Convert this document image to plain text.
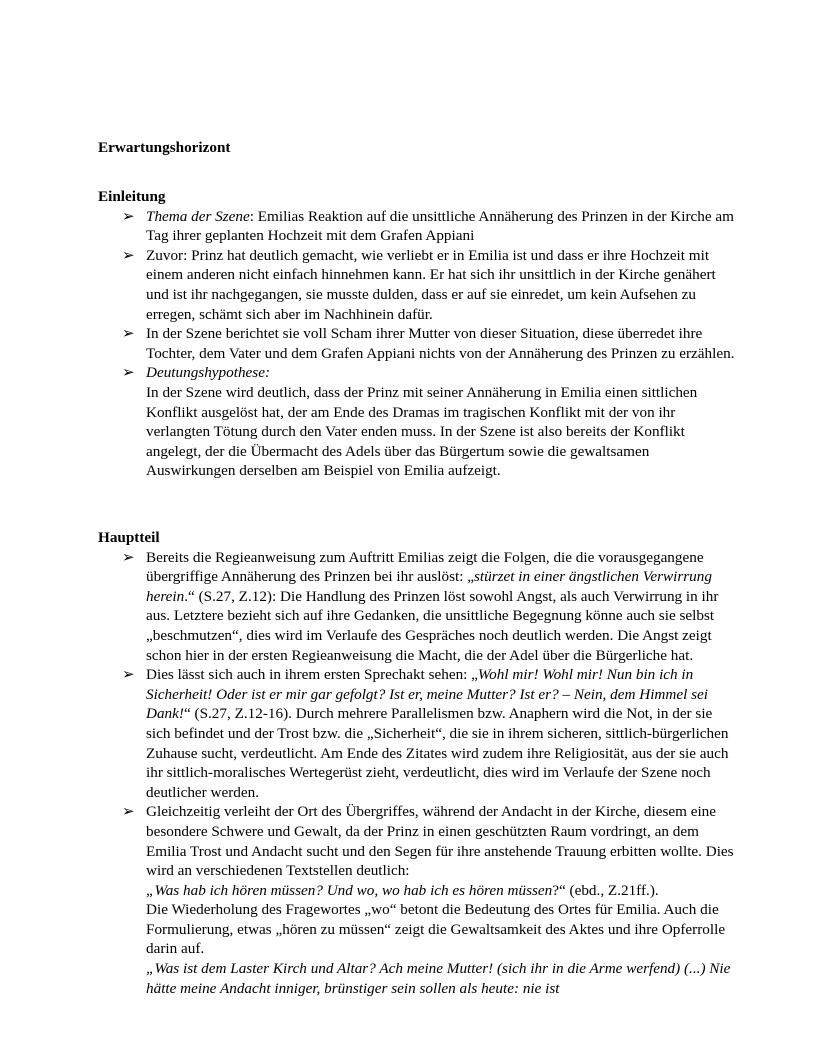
Erwartungshorizont

Einleitung

➢ Thema der Szene: Emilias Reaktion auf die unsittliche Annäherung des Prinzen in der Kirche am Tag ihrer geplanten Hochzeit mit dem Grafen Appiani

➢ Zuvor: Prinz hat deutlich gemacht, wie verliebt er in Emilia ist und dass er ihre Hochzeit mit einem anderen nicht einfach hinnehmen kann. Er hat sich ihr unsittlich in der Kirche genähert und ist ihr nachgegangen, sie musste dulden, dass er auf sie einredet, um kein Aufsehen zu erregen, schämt sich aber im Nachhinein dafür.

➢ In der Szene berichtet sie voll Scham ihrer Mutter von dieser Situation, diese überredet ihre Tochter, dem Vater und dem Grafen Appiani nichts von der Annäherung des Prinzen zu erzählen.

➢ Deutungshypothese:

In der Szene wird deutlich, dass der Prinz mit seiner Annäherung in Emilia einen sittlichen Konflikt ausgelöst hat, der am Ende des Dramas im tragischen Konflikt mit der von ihr verlangten Tötung durch den Vater enden muss. In der Szene ist also bereits der Konflikt angelegt, der die Übermacht des Adels über das Bürgertum sowie die gewaltsamen Auswirkungen derselben am Beispiel von Emilia aufzeigt.

Hauptteil

➢ Bereits die Regieanweisung zum Auftritt Emilias zeigt die Folgen, die die vorausgegangene übergriffige Annäherung des Prinzen bei ihr auslöst: „stürzet in einer ängstlichen Verwirrung herein.“ (S.27, Z.12): Die Handlung des Prinzen löst sowohl Angst, als auch Verwirrung in ihr aus. Letztere bezieht sich auf ihre Gedanken, die unsittliche Begegnung könne auch sie selbst „beschmutzen“, dies wird im Verlaufe des Gespräches noch deutlich werden. Die Angst zeigt schon hier in der ersten Regieanweisung die Macht, die der Adel über die Bürgerliche hat.

➢ Dies lässt sich auch in ihrem ersten Sprechakt sehen: „Wohl mir! Wohl mir! Nun bin ich in Sicherheit! Oder ist er mir gar gefolgt? Ist er, meine Mutter? Ist er? – Nein, dem Himmel sei Dank!“ (S.27, Z.12-16). Durch mehrere Parallelismen bzw. Anaphern wird die Not, in der sie sich befindet und der Trost bzw. die „Sicherheit“, die sie in ihrem sicheren, sittlich-bürgerlichen Zuhause sucht, verdeutlicht. Am Ende des Zitates wird zudem ihre Religiosität, aus der sie auch ihr sittlich-moralisches Wertegerüst zieht, verdeutlicht, dies wird im Verlaufe der Szene noch deutlicher werden.

➢ Gleichzeitig verleiht der Ort des Übergriffes, während der Andacht in der Kirche, diesem eine besondere Schwere und Gewalt, da der Prinz in einen geschützten Raum vordringt, an dem Emilia Trost und Andacht sucht und den Segen für ihre anstehende Trauung erbitten wollte. Dies wird an verschiedenen Textstellen deutlich:

„Was hab ich hören müssen? Und wo, wo hab ich es hören müssen?“ (ebd., Z.21ff.).

Die Wiederholung des Fragewortes „wo“ betont die Bedeutung des Ortes für Emilia. Auch die Formulierung, etwas „hören zu müssen“ zeigt die Gewaltsamkeit des Aktes und ihre Opferrolle darin auf.

„Was ist dem Laster Kirch und Altar? Ach meine Mutter! (sich ihr in die Arme werfend) (...) Nie hätte meine Andacht inniger, brünstiger sein sollen als heute: nie ist
